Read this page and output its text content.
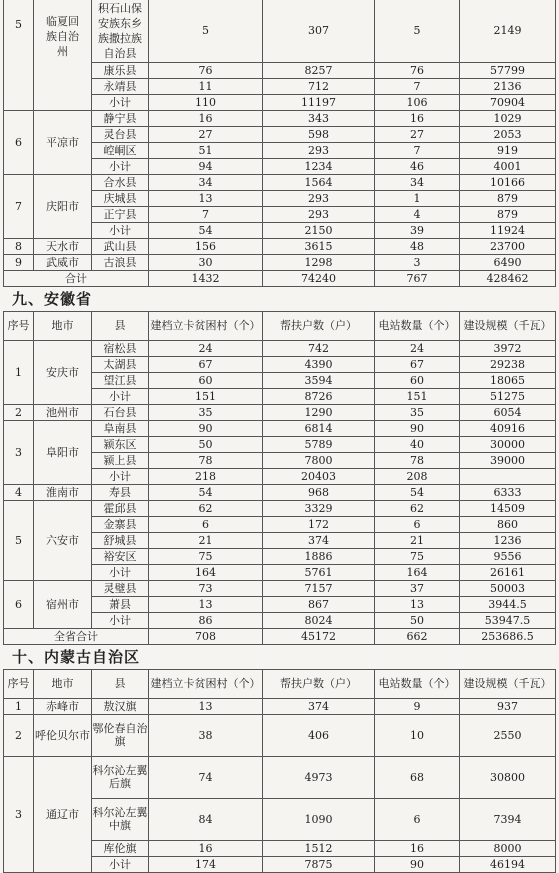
5	临夏回
族自治
州	积石山保
安族东乡
族撒拉族
自治县	5	307	5	2149
		康乐县	76	8257	76	57799
		永靖县	11	712	7	2136
		小计	110	11197	106	70904
6	平凉市	静宁县	16	343	16	1029
		灵台县	27	598	27	2053
		崆峒区	51	293	7	919
		小计	94	1234	46	4001
7	庆阳市	合水县	34	1564	34	10166
		庆城县	13	293	1	879
		正宁县	7	293	4	879
		小计	54	2150	39	11924
8	天水市	武山县	156	3615	48	23700
9	武威市	古浪县	30	1298	3	6490
合计			1432	74240	767	428462
九、安徽省
序号	地市	县	建档立卡贫困村（个）	帮扶户数（户）	电站数量（个）	建设规模（千瓦）
1	安庆市	宿松县	24	742	24	3972
		太湖县	67	4390	67	29238
		望江县	60	3594	60	18065
		小计	151	8726	151	51275
2	池州市	石台县	35	1290	35	6054
3	阜阳市	阜南县	90	6814	90	40916
		颍东区	50	5789	40	30000
		颍上县	78	7800	78	39000
		小计	218	20403	208	
4	淮南市	寿县	54	968	54	6333
5	六安市	霍邱县	62	3329	62	14509
		金寨县	6	172	6	860
		舒城县	21	374	21	1236
		裕安区	75	1886	75	9556
		小计	164	5761	164	26161
6	宿州市	灵璧县	73	7157	37	50003
		萧县	13	867	13	3944.5
		小计	86	8024	50	53947.5
全省合计			708	45172	662	253686.5
十、内蒙古自治区
序号	地市	县	建档立卡贫困村（个）	帮扶户数（户）	电站数量（个）	建设规模（千瓦）
1	赤峰市	敖汉旗	13	374	9	937
2	呼伦贝尔市	鄂伦春自治旗	38	406	10	2550
3	通辽市	科尔沁左翼后旗	74	4973	68	30800
		科尔沁左翼中旗	84	1090	6	7394
		库伦旗	16	1512	16	8000
		小计	174	7875	90	46194
